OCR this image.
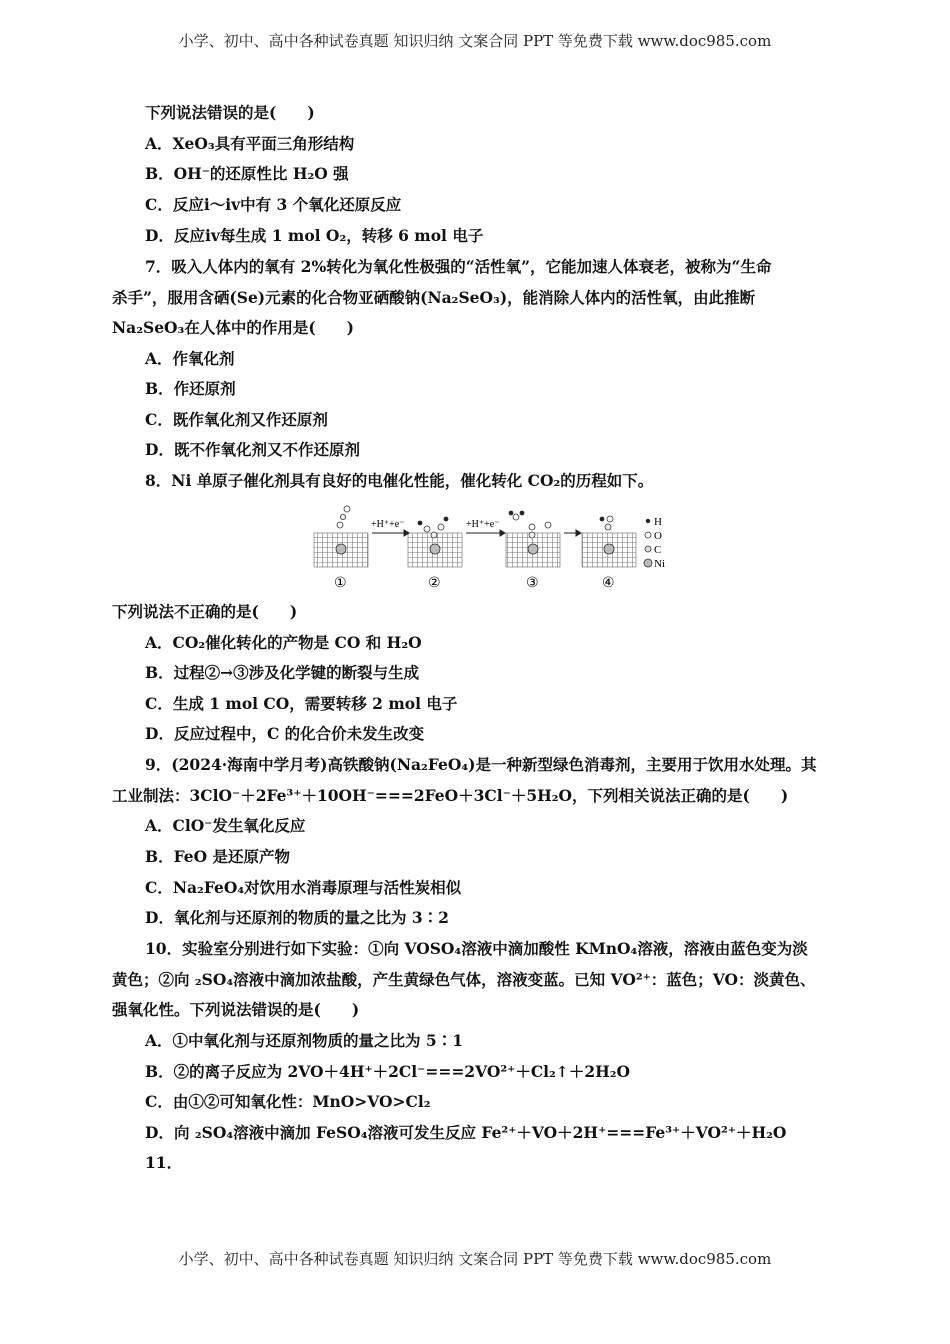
小学、初中、高中各种试卷真题 知识归纳 文案合同 PPT 等免费下载 www.doc985.com
下列说法错误的是(　　)
A．XeO₃具有平面三角形结构
B．OH⁻的还原性比 H₂O 强
C．反应ⅰ～ⅳ中有 3 个氧化还原反应
D．反应ⅳ每生成 1 mol O₂，转移 6 mol 电子
7．吸入人体内的氧有 2%转化为氧化性极强的“活性氧”，它能加速人体衰老，被称为“生命
杀手”，服用含硒(Se)元素的化合物亚硒酸钠(Na₂SeO₃)，能消除人体内的活性氧，由此推断
Na₂SeO₃在人体中的作用是(　　)
A．作氧化剂
B．作还原剂
C．既作氧化剂又作还原剂
D．既不作氧化剂又不作还原剂
8．Ni 单原子催化剂具有良好的电催化性能，催化转化 CO₂的历程如下。
+H⁺+e⁻	+H⁺+e⁻
①	②	③	④
H
O
C
Ni
下列说法不正确的是(　　)
A．CO₂催化转化的产物是 CO 和 H₂O
B．过程②→③涉及化学键的断裂与生成
C．生成 1 mol CO，需要转移 2 mol 电子
D．反应过程中，C 的化合价未发生改变
9．(2024·海南中学月考)高铁酸钠(Na₂FeO₄)是一种新型绿色消毒剂，主要用于饮用水处理。其
工业制法：3ClO⁻＋2Fe³⁺＋10OH⁻===2FeO＋3Cl⁻＋5H₂O，下列相关说法正确的是(　　)
A．ClO⁻发生氧化反应
B．FeO 是还原产物
C．Na₂FeO₄对饮用水消毒原理与活性炭相似
D．氧化剂与还原剂的物质的量之比为 3∶2
10．实验室分别进行如下实验：①向 VOSO₄溶液中滴加酸性 KMnO₄溶液，溶液由蓝色变为淡
黄色；②向 ₂SO₄溶液中滴加浓盐酸，产生黄绿色气体，溶液变蓝。已知 VO²⁺：蓝色；VO：淡黄色、
强氧化性。下列说法错误的是(　　)
A．①中氧化剂与还原剂物质的量之比为 5∶1
B．②的离子反应为 2VO＋4H⁺＋2Cl⁻===2VO²⁺＋Cl₂↑＋2H₂O
C．由①②可知氧化性：MnO>VO>Cl₂
D．向 ₂SO₄溶液中滴加 FeSO₄溶液可发生反应 Fe²⁺＋VO＋2H⁺===Fe³⁺＋VO²⁺＋H₂O
11．
小学、初中、高中各种试卷真题 知识归纳 文案合同 PPT 等免费下载 www.doc985.com
